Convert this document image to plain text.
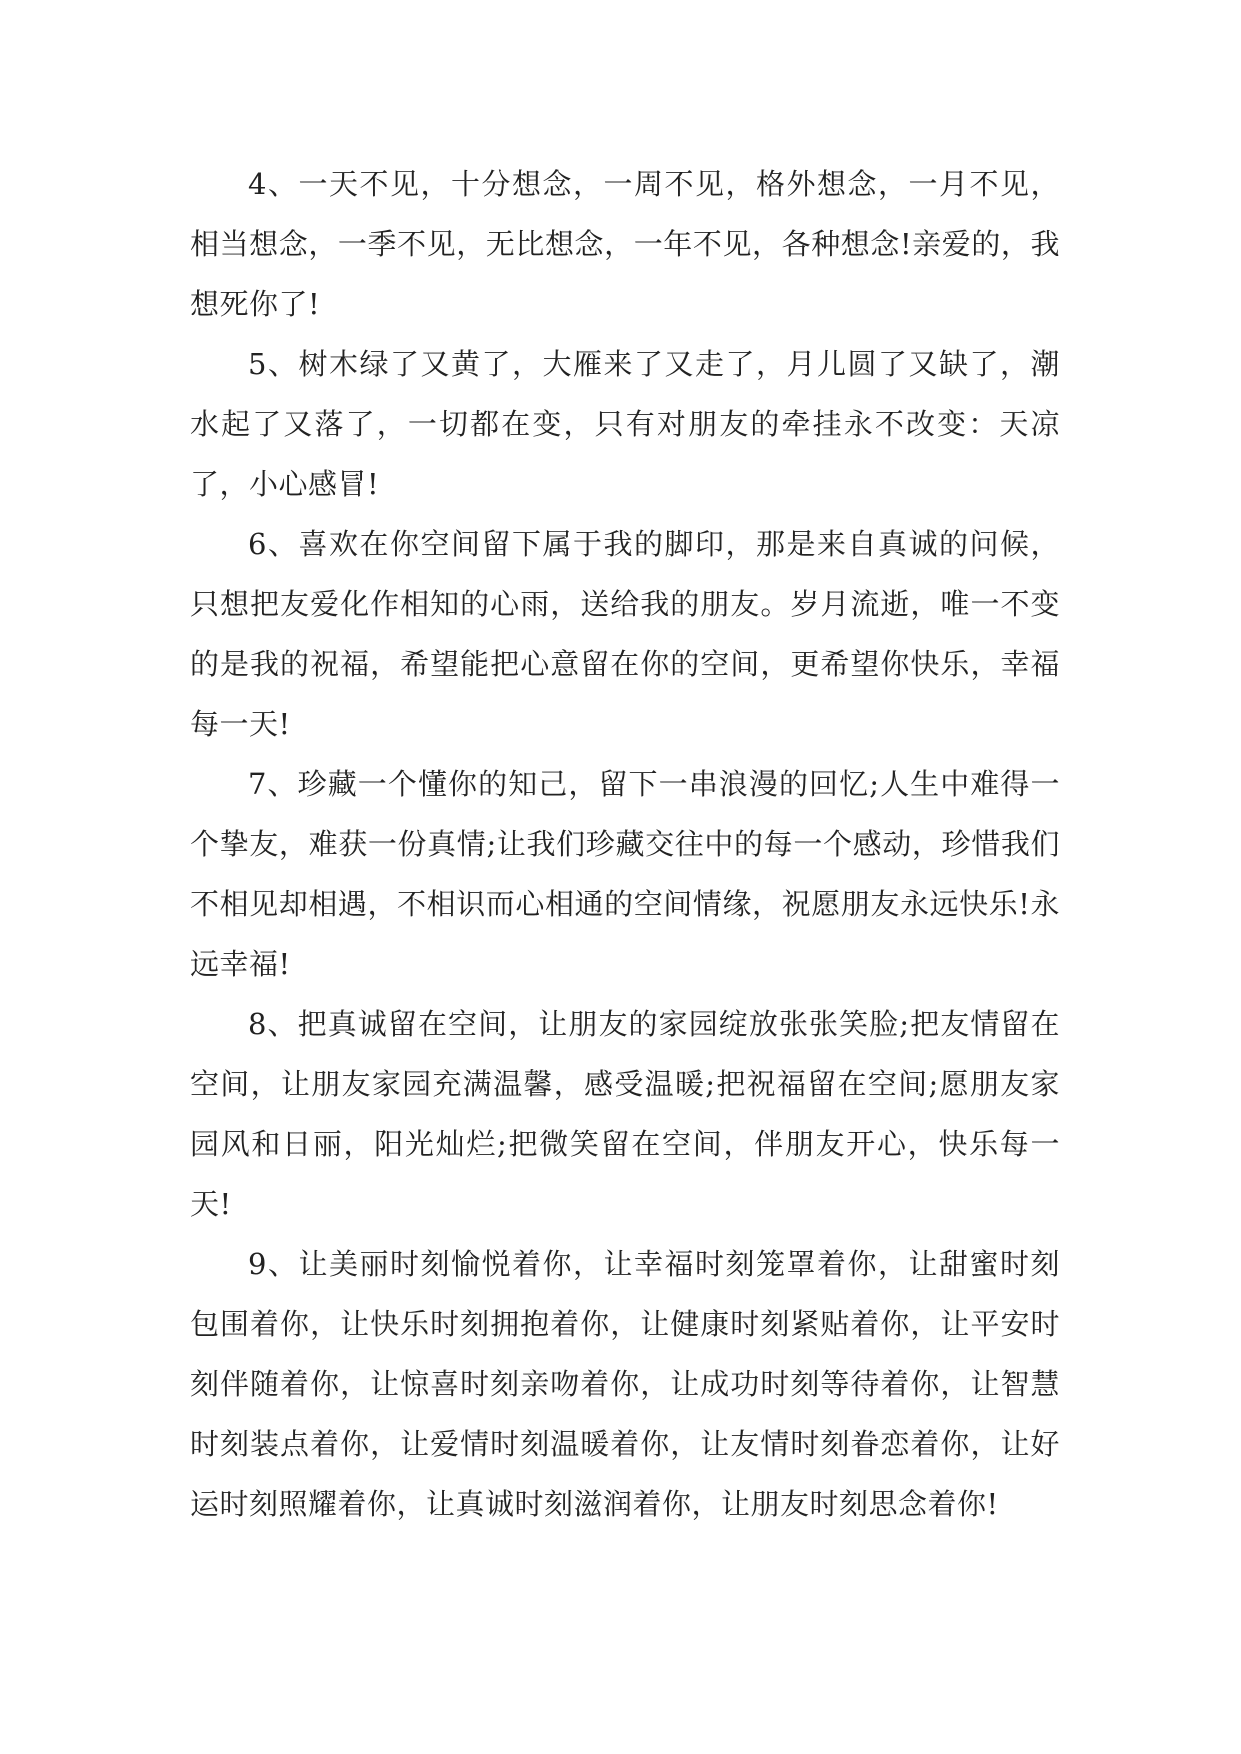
4、一天不见，十分想念，一周不见，格外想念，一月不见，相当想念，一季不见，无比想念，一年不见，各种想念!亲爱的，我想死你了!

5、树木绿了又黄了，大雁来了又走了，月儿圆了又缺了，潮水起了又落了，一切都在变，只有对朋友的牵挂永不改变：天凉了，小心感冒!

6、喜欢在你空间留下属于我的脚印，那是来自真诚的问候，只想把友爱化作相知的心雨，送给我的朋友。岁月流逝，唯一不变的是我的祝福，希望能把心意留在你的空间，更希望你快乐，幸福每一天!

7、珍藏一个懂你的知己，留下一串浪漫的回忆;人生中难得一个挚友，难获一份真情;让我们珍藏交往中的每一个感动，珍惜我们不相见却相遇，不相识而心相通的空间情缘，祝愿朋友永远快乐!永远幸福!

8、把真诚留在空间，让朋友的家园绽放张张笑脸;把友情留在空间，让朋友家园充满温馨，感受温暖;把祝福留在空间;愿朋友家园风和日丽，阳光灿烂;把微笑留在空间，伴朋友开心，快乐每一天!

9、让美丽时刻愉悦着你，让幸福时刻笼罩着你，让甜蜜时刻包围着你，让快乐时刻拥抱着你，让健康时刻紧贴着你，让平安时刻伴随着你，让惊喜时刻亲吻着你，让成功时刻等待着你，让智慧时刻装点着你，让爱情时刻温暖着你，让友情时刻眷恋着你，让好运时刻照耀着你，让真诚时刻滋润着你，让朋友时刻思念着你!
